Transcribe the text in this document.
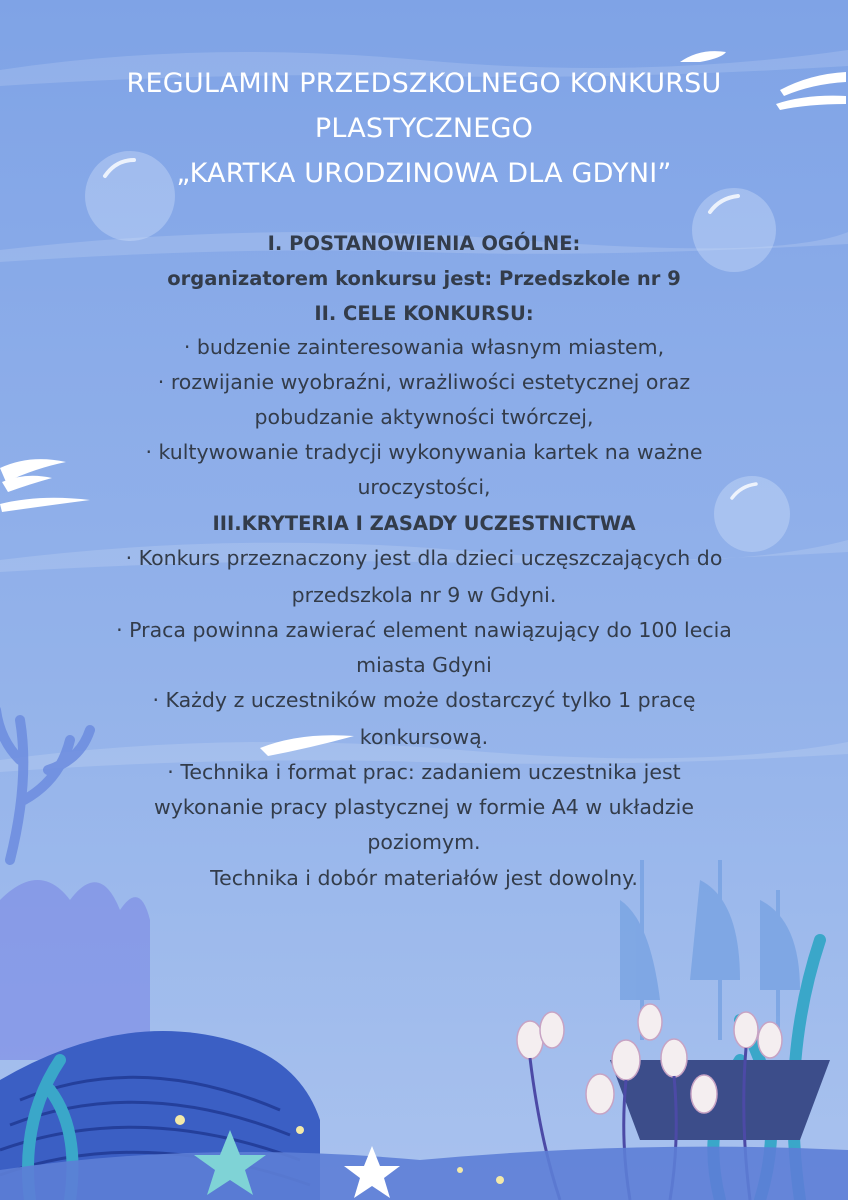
REGULAMIN PRZEDSZKOLNEGO KONKURSU
PLASTYCZNEGO
„KARTKA URODZINOWA DLA GDYNI”
I. POSTANOWIENIA OGÓLNE:
organizatorem konkursu jest: Przedszkole nr 9
II. CELE KONKURSU:
· budzenie zainteresowania własnym miastem,
· rozwijanie wyobraźni, wrażliwości estetycznej oraz
pobudzanie aktywności twórczej,
· kultywowanie tradycji wykonywania kartek na ważne
uroczystości,
III.KRYTERIA I ZASADY UCZESTNICTWA
· Konkurs przeznaczony jest dla dzieci uczęszczających do
przedszkola nr 9 w Gdyni.
· Praca powinna zawierać element nawiązujący do 100 lecia
miasta Gdyni
· Każdy z uczestników może dostarczyć tylko 1 pracę
konkursową.
· Technika i format prac: zadaniem uczestnika jest
wykonanie pracy plastycznej w formie A4 w układzie
poziomym.
Technika i dobór materiałów jest dowolny.
